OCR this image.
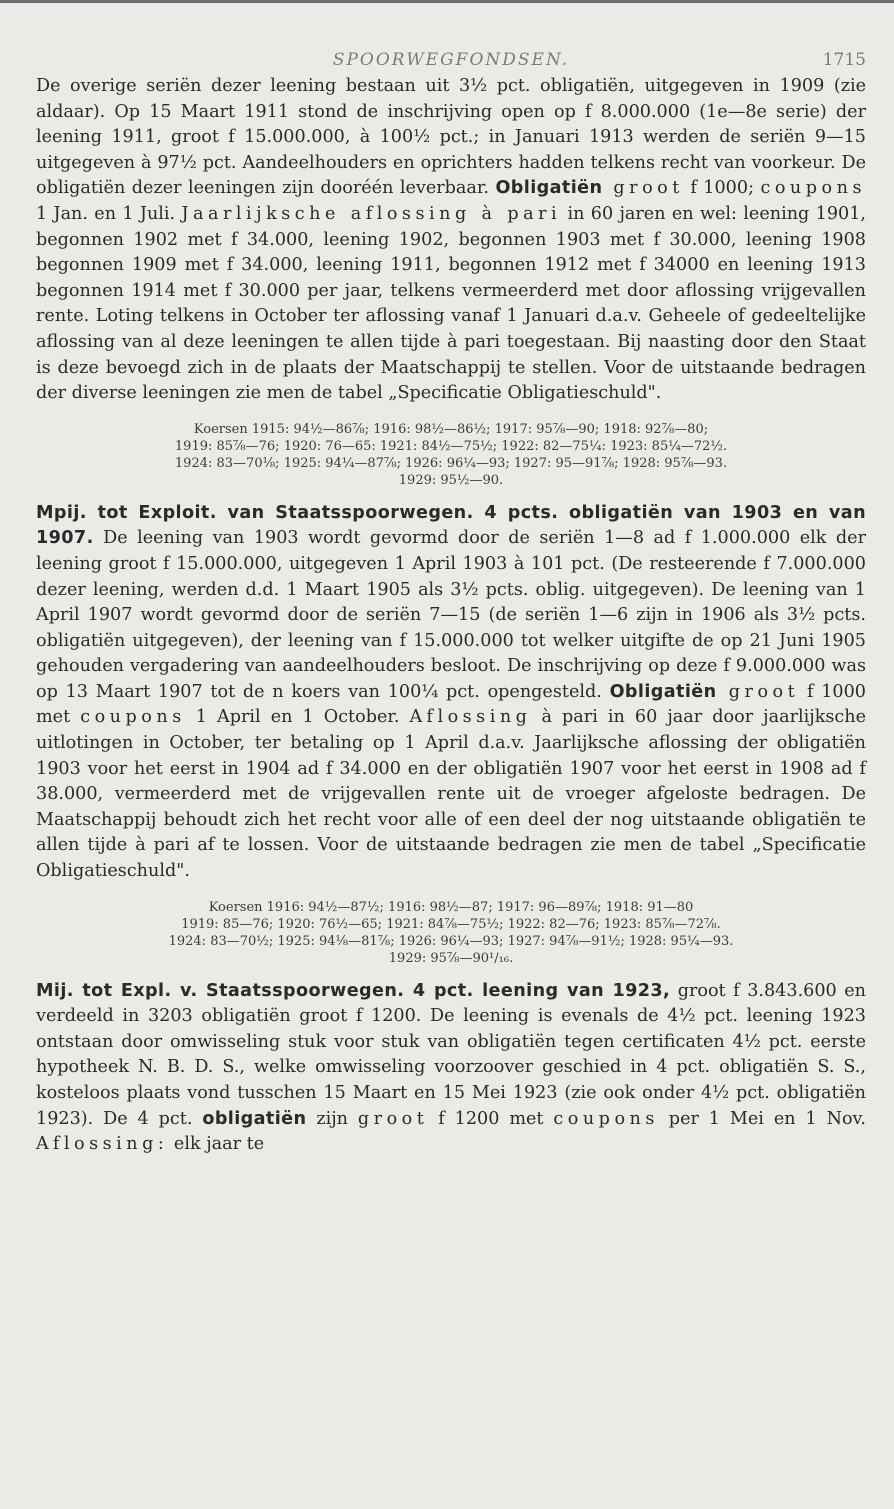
SPOORWEGFONDSEN.	1715

De overige seriën dezer leening bestaan uit 3½ pct. obligatiën, uitgegeven in 1909 (zie aldaar). Op 15 Maart 1911 stond de inschrijving open op f 8.000.000 (1e—8e serie) der leening 1911, groot f 15.000.000, à 100½ pct.; in Januari 1913 werden de seriën 9—15 uitgegeven à 97½ pct. Aandeelhouders en oprichters hadden telkens recht van voorkeur. De obligatiën dezer leeningen zijn dooréén leverbaar. Obligatiën groot f 1000; coupons 1 Jan. en 1 Juli. Jaarlijksche aflossing à pari in 60 jaren en wel: leening 1901, begonnen 1902 met f 34.000, leening 1902, begonnen 1903 met f 30.000, leening 1908 begonnen 1909 met f 34.000, leening 1911, begonnen 1912 met f 34000 en leening 1913 begonnen 1914 met f 30.000 per jaar, telkens vermeerderd met door aflossing vrijgevallen rente. Loting telkens in October ter aflossing vanaf 1 Januari d.a.v. Geheele of gedeeltelijke aflossing van al deze leeningen te allen tijde à pari toegestaan. Bij naasting door den Staat is deze bevoegd zich in de plaats der Maatschappij te stellen. Voor de uitstaande bedragen der diverse leeningen zie men de tabel „Specificatie Obligatieschuld".

Koersen 1915: 94½—86⅞; 1916: 98½—86½; 1917: 95⅞—90; 1918: 92⅞—80;
1919: 85⅞—76; 1920: 76—65: 1921: 84½—75½; 1922: 82—75¼: 1923: 85¼—72½.
1924: 83—70⅛; 1925: 94¼—87⅞; 1926: 96¼—93; 1927: 95—91⅞; 1928: 95⅞—93.
1929: 95½—90.

Mpij. tot Exploit. van Staatsspoorwegen. 4 pcts. obligatiën van 1903 en van 1907. De leening van 1903 wordt gevormd door de seriën 1—8 ad f 1.000.000 elk der leening groot f 15.000.000, uitgegeven 1 April 1903 à 101 pct. (De resteerende f 7.000.000 dezer leening, werden d.d. 1 Maart 1905 als 3½ pcts. oblig. uitgegeven). De leening van 1 April 1907 wordt gevormd door de seriën 7—15 (de seriën 1—6 zijn in 1906 als 3½ pcts. obligatiën uitgegeven), der leening van f 15.000.000 tot welker uitgifte de op 21 Juni 1905 gehouden vergadering van aandeelhouders besloot. De inschrijving op deze f 9.000.000 was op 13 Maart 1907 tot de n koers van 100¼ pct. opengesteld. Obligatiën groot f 1000 met coupons 1 April en 1 October. Aflossing à pari in 60 jaar door jaarlijksche uitlotingen in October, ter betaling op 1 April d.a.v. Jaarlijksche aflossing der obligatiën 1903 voor het eerst in 1904 ad f 34.000 en der obligatiën 1907 voor het eerst in 1908 ad f 38.000, vermeerderd met de vrijgevallen rente uit de vroeger afgeloste bedragen. De Maatschappij behoudt zich het recht voor alle of een deel der nog uitstaande obligatiën te allen tijde à pari af te lossen. Voor de uitstaande bedragen zie men de tabel „Specificatie Obligatieschuld".

Koersen 1916: 94½—87½; 1916: 98½—87; 1917: 96—89⅞; 1918: 91—80
1919: 85—76; 1920: 76½—65; 1921: 84⅞—75½; 1922: 82—76; 1923: 85⅞—72⅞.
1924: 83—70½; 1925: 94⅛—81⅞; 1926: 96¼—93; 1927: 94⅞—91½; 1928: 95¼—93.
1929: 95⅞—90¹/₁₆.

Mij. tot Expl. v. Staatsspoorwegen. 4 pct. leening van 1923, groot f 3.843.600 en verdeeld in 3203 obligatiën groot f 1200. De leening is evenals de 4½ pct. leening 1923 ontstaan door omwisseling stuk voor stuk van obligatiën tegen certificaten 4½ pct. eerste hypotheek N. B. D. S., welke omwisseling voorzoover geschied in 4 pct. obligatiën S. S., kosteloos plaats vond tusschen 15 Maart en 15 Mei 1923 (zie ook onder 4½ pct. obligatiën 1923). De 4 pct. obligatiën zijn groot f 1200 met coupons per 1 Mei en 1 Nov. Aflossing: elk jaar te
